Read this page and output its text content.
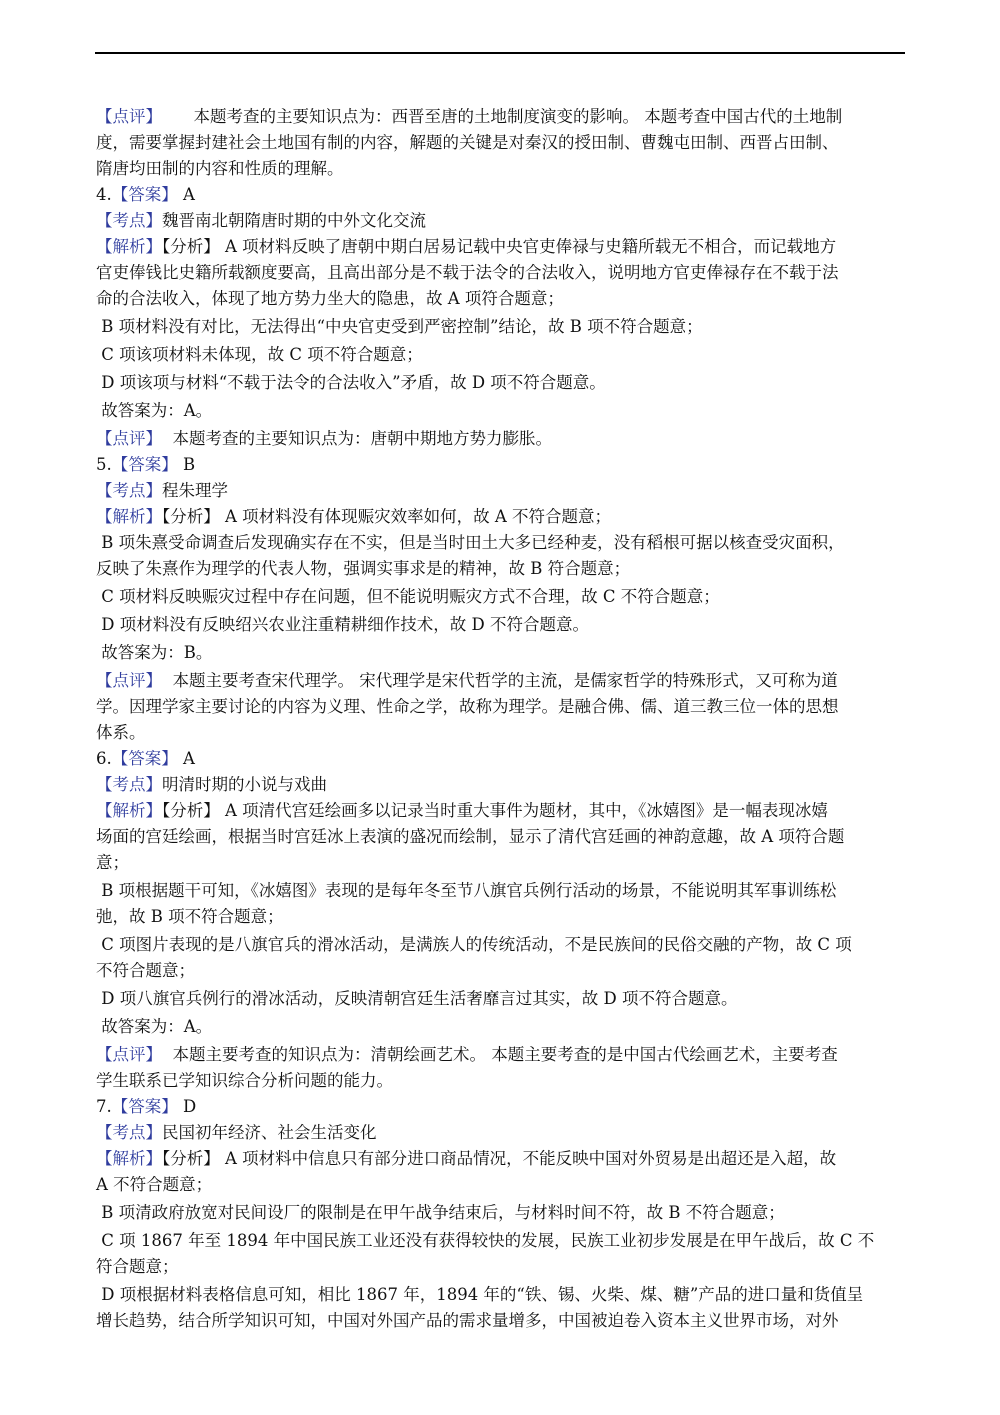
【点评】      本题考查的主要知识点为：西晋至唐的土地制度演变的影响。 本题考查中国古代的土地制

度，需要掌握封建社会土地国有制的内容，解题的关键是对秦汉的授田制、曹魏屯田制、西晋占田制、

隋唐均田制的内容和性质的理解。

4.【答案】 A

【考点】魏晋南北朝隋唐时期的中外文化交流

【解析】【分析】 A 项材料反映了唐朝中期白居易记载中央官吏俸禄与史籍所载无不相合，而记载地方

官吏俸钱比史籍所载额度要高，且高出部分是不载于法令的合法收入，说明地方官吏俸禄存在不载于法

命的合法收入，体现了地方势力坐大的隐患，故 A 项符合题意；

B 项材料没有对比，无法得出“中央官吏受到严密控制”结论，故 B 项不符合题意；

C 项该项材料未体现，故 C 项不符合题意；

D 项该项与材料“不载于法令的合法收入”矛盾，故 D 项不符合题意。

故答案为：A。

【点评】  本题考查的主要知识点为：唐朝中期地方势力膨胀。

5.【答案】 B

【考点】程朱理学

【解析】【分析】 A 项材料没有体现赈灾效率如何，故 A 不符合题意；

B 项朱熹受命调查后发现确实存在不实，但是当时田土大多已经种麦，没有稻根可据以核查受灾面积，

反映了朱熹作为理学的代表人物，强调实事求是的精神，故 B 符合题意；

C 项材料反映赈灾过程中存在问题，但不能说明赈灾方式不合理，故 C 不符合题意；

D 项材料没有反映绍兴农业注重精耕细作技术，故 D 不符合题意。

故答案为：B。

【点评】  本题主要考查宋代理学。 宋代理学是宋代哲学的主流，是儒家哲学的特殊形式，又可称为道

学。因理学家主要讨论的内容为义理、性命之学，故称为理学。是融合佛、儒、道三教三位一体的思想

体系。

6.【答案】 A

【考点】明清时期的小说与戏曲

【解析】【分析】 A 项清代宫廷绘画多以记录当时重大事件为题材，其中，《冰嬉图》是一幅表现冰嬉

场面的宫廷绘画，根据当时宫廷冰上表演的盛况而绘制，显示了清代宫廷画的神韵意趣，故 A 项符合题

意；

B 项根据题干可知，《冰嬉图》表现的是每年冬至节八旗官兵例行活动的场景，不能说明其军事训练松

弛，故 B 项不符合题意；

C 项图片表现的是八旗官兵的滑冰活动，是满族人的传统活动，不是民族间的民俗交融的产物，故 C 项

不符合题意；

D 项八旗官兵例行的滑冰活动，反映清朝宫廷生活奢靡言过其实，故 D 项不符合题意。

故答案为：A。

【点评】  本题主要考查的知识点为：清朝绘画艺术。 本题主要考查的是中国古代绘画艺术，主要考查

学生联系已学知识综合分析问题的能力。

7.【答案】 D

【考点】民国初年经济、社会生活变化

【解析】【分析】 A 项材料中信息只有部分进口商品情况，不能反映中国对外贸易是出超还是入超，故

A 不符合题意；

B 项清政府放宽对民间设厂的限制是在甲午战争结束后，与材料时间不符，故 B 不符合题意；

C 项 1867 年至 1894 年中国民族工业还没有获得较快的发展，民族工业初步发展是在甲午战后，故 C 不

符合题意；

D 项根据材料表格信息可知，相比 1867 年，1894 年的“铁、锡、火柴、煤、糖”产品的进口量和货值呈

增长趋势，结合所学知识可知，中国对外国产品的需求量增多，中国被迫卷入资本主义世界市场，对外
